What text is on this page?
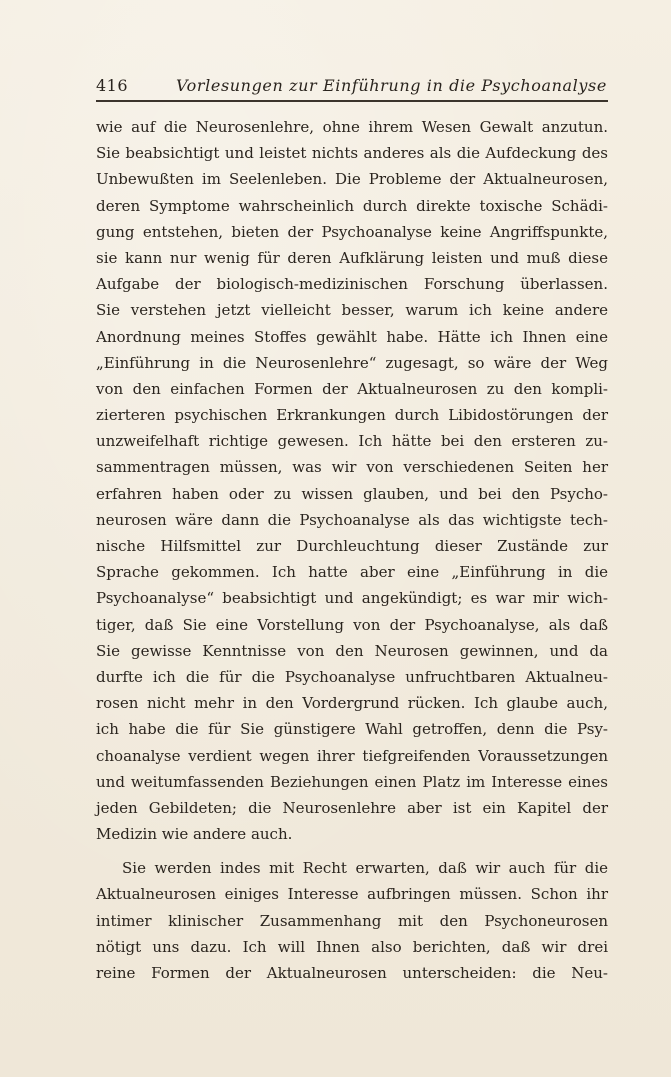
416	Vorlesungen zur Einführung in die Psychoanalyse
wie auf die Neurosenlehre, ohne ihrem Wesen Gewalt anzutun.
Sie beabsichtigt und leistet nichts anderes als die Aufdeckung des
Unbewußten im Seelenleben. Die Probleme der Aktualneurosen,
deren Symptome wahrscheinlich durch direkte toxische Schädi-
gung entstehen, bieten der Psychoanalyse keine Angriffspunkte,
sie kann nur wenig für deren Aufklärung leisten und muß diese
Aufgabe der biologisch-medizinischen Forschung überlassen.
Sie verstehen jetzt vielleicht besser, warum ich keine andere
Anordnung meines Stoffes gewählt habe. Hätte ich Ihnen eine
„Einführung in die Neurosenlehre“ zugesagt, so wäre der Weg
von den einfachen Formen der Aktualneurosen zu den kompli-
zierteren psychischen Erkrankungen durch Libidostörungen der
unzweifelhaft richtige gewesen. Ich hätte bei den ersteren zu-
sammentragen müssen, was wir von verschiedenen Seiten her
erfahren haben oder zu wissen glauben, und bei den Psycho-
neurosen wäre dann die Psychoanalyse als das wichtigste tech-
nische Hilfsmittel zur Durchleuchtung dieser Zustände zur
Sprache gekommen. Ich hatte aber eine „Einführung in die
Psychoanalyse“ beabsichtigt und angekündigt; es war mir wich-
tiger, daß Sie eine Vorstellung von der Psychoanalyse, als daß
Sie gewisse Kenntnisse von den Neurosen gewinnen, und da
durfte ich die für die Psychoanalyse unfruchtbaren Aktualneu-
rosen nicht mehr in den Vordergrund rücken. Ich glaube auch,
ich habe die für Sie günstigere Wahl getroffen, denn die Psy-
choanalyse verdient wegen ihrer tiefgreifenden Voraussetzungen
und weitumfassenden Beziehungen einen Platz im Interesse eines
jeden Gebildeten; die Neurosenlehre aber ist ein Kapitel der
Medizin wie andere auch.
Sie werden indes mit Recht erwarten, daß wir auch für die
Aktualneurosen einiges Interesse aufbringen müssen. Schon ihr
intimer klinischer Zusammenhang mit den Psychoneurosen
nötigt uns dazu. Ich will Ihnen also berichten, daß wir drei
reine Formen der Aktualneurosen unterscheiden: die Neu-
